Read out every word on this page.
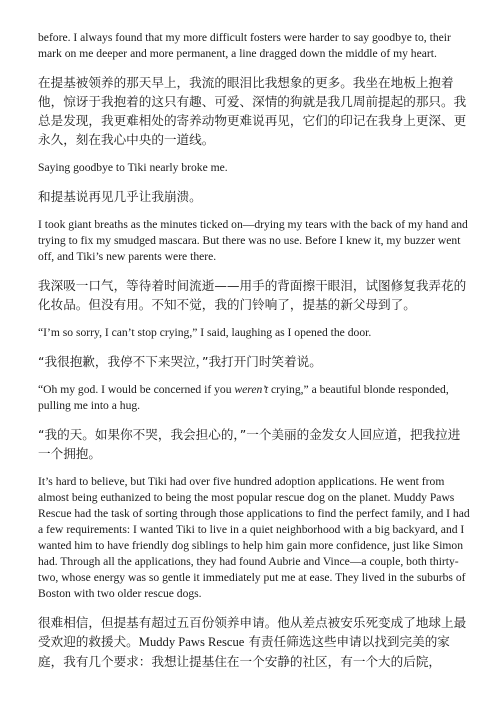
before. I always found that my more difficult fosters were harder to say goodbye to, their mark on me deeper and more permanent, a line dragged down the middle of my heart.

在提基被领养的那天早上，我流的眼泪比我想象的更多。我坐在地板上抱着他，惊讶于我抱着的这只有趣、可爱、深情的狗就是我几周前提起的那只。我总是发现，我更难相处的寄养动物更难说再见，它们的印记在我身上更深、更永久，刻在我心中央的一道线。

Saying goodbye to Tiki nearly broke me.

和提基说再见几乎让我崩溃。

I took giant breaths as the minutes ticked on—drying my tears with the back of my hand and trying to fix my smudged mascara. But there was no use. Before I knew it, my buzzer went off, and Tiki’s new parents were there.

我深吸一口气，等待着时间流逝——用手的背面擦干眼泪，试图修复我弄花的化妆品。但没有用。不知不觉，我的门铃响了，提基的新父母到了。

“I’m so sorry, I can’t stop crying,” I said, laughing as I opened the door.

“我很抱歉，我停不下来哭泣，”我打开门时笑着说。

“Oh my god. I would be concerned if you weren’t crying,” a beautiful blonde responded, pulling me into a hug.

“我的天。如果你不哭，我会担心的，”一个美丽的金发女人回应道，把我拉进一个拥抱。

It’s hard to believe, but Tiki had over five hundred adoption applications. He went from almost being euthanized to being the most popular rescue dog on the planet. Muddy Paws Rescue had the task of sorting through those applications to find the perfect family, and I had a few requirements: I wanted Tiki to live in a quiet neighborhood with a big backyard, and I wanted him to have friendly dog siblings to help him gain more confidence, just like Simon had. Through all the applications, they had found Aubrie and Vince—a couple, both thirty-two, whose energy was so gentle it immediately put me at ease. They lived in the suburbs of Boston with two older rescue dogs.

很难相信，但提基有超过五百份领养申请。他从差点被安乐死变成了地球上最受欢迎的救援犬。Muddy Paws Rescue 有责任筛选这些申请以找到完美的家庭，我有几个要求：我想让提基住在一个安静的社区，有一个大的后院，
